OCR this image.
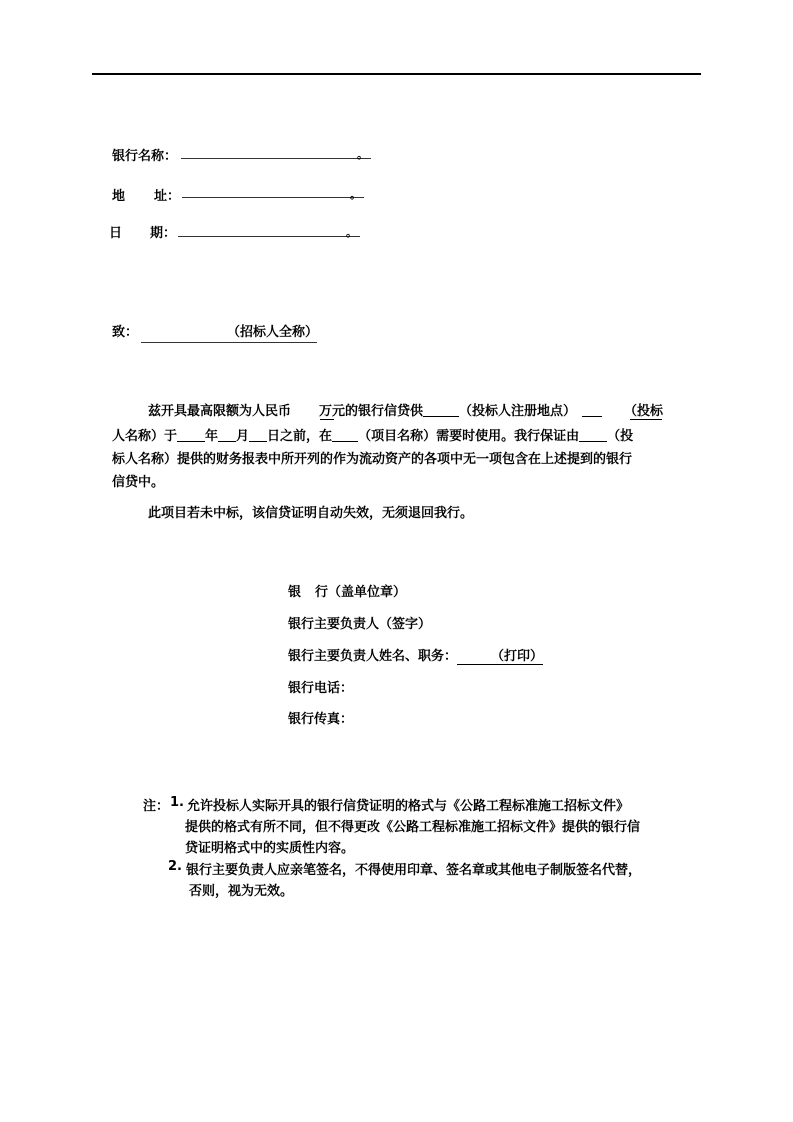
银行名称：	。
地 址：	。
日 期：	。
致：	（招标人全称）
兹开具最高限额为人民币 万元的银行信贷供	（投标人注册地点）	（投标
人名称）于 年 月 日之前，在 （项目名称）需要时使用。我行保证由 （投
标人名称）提供的财务报表中所开列的作为流动资产的各项中无一项包含在上述提到的银行
信贷中。
此项目若未中标，该信贷证明自动失效，无须退回我行。
银 行（盖单位章）
银行主要负责人（签字）
银行主要负责人姓名、职务：	（打印）
银行电话：
银行传真：
注： 1. 允许投标人实际开具的银行信贷证明的格式与《公路工程标准施工招标文件》
提供的格式有所不同，但不得更改《公路工程标准施工招标文件》提供的银行信
贷证明格式中的实质性内容。
2. 银行主要负责人应亲笔签名，不得使用印章、签名章或其他电子制版签名代替，
否则，视为无效。
